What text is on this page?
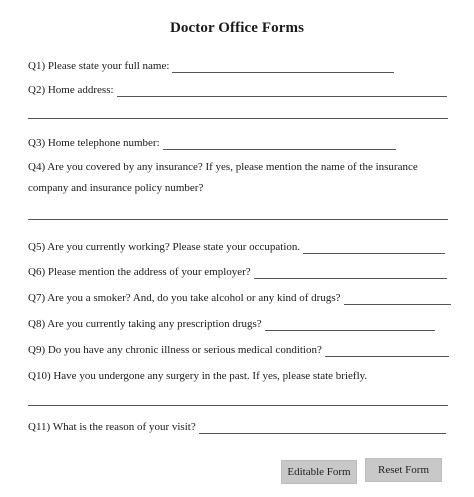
Doctor Office Forms
Q1) Please state your full name:
Q2) Home address:
Q3) Home telephone number:
Q4) Are you covered by any insurance? If yes, please mention the name of the insurance
company and insurance policy number?
Q5) Are you currently working? Please state your occupation.
Q6) Please mention the address of your employer?
Q7) Are you a smoker? And, do you take alcohol or any kind of drugs?
Q8) Are you currently taking any prescription drugs?
Q9) Do you have any chronic illness or serious medical condition?
Q10) Have you undergone any surgery in the past. If yes, please state briefly.
Q11) What is the reason of your visit?
Editable Form	Reset Form
